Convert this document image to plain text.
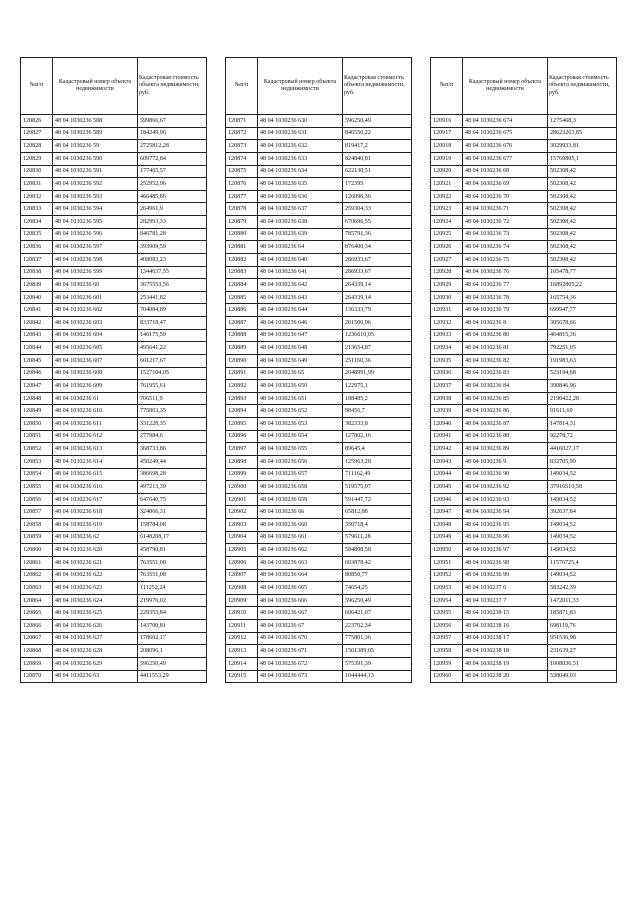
№п/п	Кадастровый номер объекта недвижимости	Кадастровая стоимость объекта недвижимости, руб.
120826	48 04 1030236 588	599866,67
120827	48 04 1030236 589	184249,06
120828	48 04 1030236 59	2725812,28
120829	48 04 1030236 590	609772,84
120830	48 04 1030236 591	177465,57
120831	48 04 1030236 592	252952,96
120832	48 04 1030236 593	466485,86
120833	48 04 1030236 594	264961,9
120834	48 04 1030236 595	282993,33
120835	48 04 1030236 596	846781,28
120836	48 04 1030236 597	393909,59
120837	48 04 1030236 598	408083,23
120838	48 04 1030236 599	1344637,55
120839	48 04 1030236 60	3675553,56
120840	48 04 1030236 601	253441,82
120841	48 04 1030236 602	704084,89
120842	48 04 1030236 603	833718,47
120843	48 04 1030236 604	146175,59
120844	48 04 1030236 605	495641,22
120845	48 04 1030236 607	601217,67
120846	48 04 1030236 608	1527104,05
120847	48 04 1030236 609	761955,61
120848	48 04 1030236 61	706511,9
120849	48 04 1030236 610	775803,35
120850	48 04 1030236 611	331228,35
120851	48 04 1030236 612	277984,6
120852	48 04 1030236 613	368733,86
120853	48 04 1030236 614	450249,44
120854	48 04 1030236 615	386698,28
120855	48 04 1030236 616	497213,39
120856	48 04 1030236 617	647640,75
120857	48 04 1030236 618	324066,31
120858	48 04 1030236 619	158784,08
120859	48 04 1030236 62	6148208,17
120860	48 04 1030236 620	458790,81
120861	48 04 1030236 621	763551,08
120862	48 04 1030236 622	763551,08
120863	48 04 1030236 623	111252,24
120864	48 04 1030236 624	219976,02
120865	48 04 1030236 625	229353,84
120866	48 04 1030236 626	143700,81
120867	48 04 1030236 627	178602,17
120868	48 04 1030236 628	208096,1
120869	48 04 1030236 629	596250,49
120870	48 04 1030236 63	4411553,29
№п/п	Кадастровый номер объекта недвижимости	Кадастровая стоимость объекта недвижимости, руб.
120871	48 04 1030236 630	596250,49
120872	48 04 1030236 631	846550,22
120873	48 04 1030236 632	819417,2
120874	48 04 1030236 633	824840,81
120875	48 04 1030236 634	622130,51
120876	48 04 1030236 635	172395
120877	48 04 1030236 636	126096,36
120878	48 04 1030236 637	259304,33
120879	48 04 1030236 638	670696,55
120880	48 04 1030236 639	785791,36
120881	48 04 1030236 64	876400,34
120882	48 04 1030236 640	286933,67
120883	48 04 1030236 641	286933,67
120884	48 04 1030236 642	264339,14
120885	48 04 1030236 643	264339,14
120886	48 04 1030236 644	136333,79
120887	48 04 1030236 646	201500,96
120888	48 04 1030236 647	1236610,05
120889	48 04 1030236 648	213654,87
120890	48 04 1030236 649	251160,36
120891	48 04 1030236 65	2048991,99
120892	48 04 1030236 650	122975,1
120893	48 04 1030236 651	188485,2
120894	48 04 1030236 652	98456,7
120895	48 04 1030236 653	382333,8
120896	48 04 1030236 654	127802,16
120897	48 04 1030236 655	89645,4
120898	48 04 1030236 656	125963,28
120899	48 04 1030236 657	711162,49
120900	48 04 1030236 658	519575,07
120901	48 04 1030236 659	591447,72
120902	48 04 1030236 66	65812,88
120903	48 04 1030236 660	350718,4
120904	48 04 1030236 661	579611,28
120905	48 04 1030236 662	584808,58
120906	48 04 1030236 663	603878,42
120907	48 04 1030236 664	80850,77
120908	48 04 1030236 665	74654,25
120909	48 04 1030236 666	596250,49
120910	48 04 1030236 667	606421,07
120911	48 04 1030236 67	223702,34
120912	48 04 1030236 670	775801,36
120913	48 04 1030236 671	1501389,05
120914	48 04 1030236 672	575391,39
120915	48 04 1030236 673	1044444,13
№п/п	Кадастровый номер объекта недвижимости	Кадастровая стоимость объекта недвижимости, руб.
120916	48 04 1030236 674	1275468,3
120917	48 04 1030236 675	28623263,85
120918	48 04 1030236 676	3029933,81
120919	48 04 1030236 677	15760805,1
120920	48 04 1030236 68	502308,42
120921	48 04 1030236 69	502308,42
120922	48 04 1030236 70	502308,42
120923	48 04 1030236 71	502308,42
120924	48 04 1030236 72	502308,42
120925	48 04 1030236 73	502308,42
120926	48 04 1030236 74	502308,42
120927	48 04 1030236 75	502308,42
120928	48 04 1030236 76	105478,77
120929	48 04 1030236 77	16892805,22
120930	48 04 1030236 78	165754,36
120931	48 04 1030236 79	699947,77
120932	48 04 1030236 8	305678,66
120933	48 04 1030236 80	464815,36
120934	48 04 1030236 81	792251,05
120935	48 04 1030236 82	191983,63
120936	48 04 1030236 83	523194,68
120937	48 04 1030236 84	390846,96
120938	48 04 1030236 85	2190422,28
120939	48 04 1030236 86	91611,69
120940	48 04 1030236 87	147814,31
120941	48 04 1030236 88	92278,72
120942	48 04 1030236 89	4416027,17
120943	48 04 1030236 9	832705,99
120944	48 04 1030236 90	149034,52
120945	48 04 1030236 92	37916510,58
120946	48 04 1030236 93	149034,52
120947	48 04 1030236 94	392637,84
120948	48 04 1030236 95	149034,52
120949	48 04 1030236 96	149034,52
120950	48 04 1030236 97	149034,52
120951	48 04 1030236 98	11576725,4
120952	48 04 1030236 99	149034,52
120953	48 04 1030237 6	583242,39
120954	48 04 1030237 7	1472011,33
120955	48 04 1030238 15	185871,83
120956	48 04 1030238 16	698119,76
120957	48 04 1030238 17	951536,98
120958	48 04 1030238 18	231639,27
120959	48 04 1030238 19	1008036,51
120960	48 04 1030238 20	538049,03
